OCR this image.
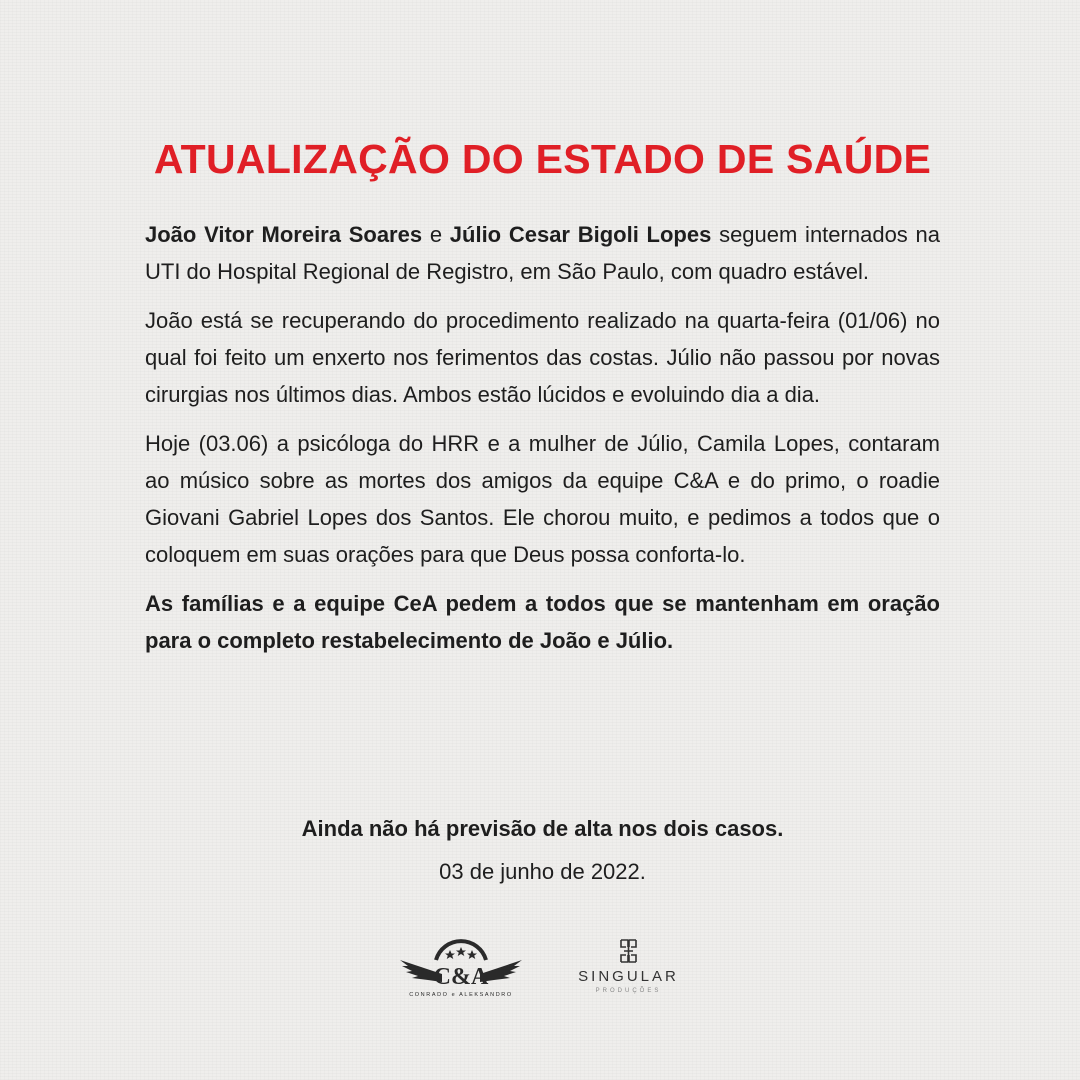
ATUALIZAÇÃO DO ESTADO DE SAÚDE

João Vitor Moreira Soares e Júlio Cesar Bigoli Lopes seguem internados na UTI do Hospital Regional de Registro, em São Paulo, com quadro estável.

João está se recuperando do procedimento realizado na quarta-feira (01/06) no qual foi feito um enxerto nos ferimentos das costas. Júlio não passou por novas cirurgias nos últimos dias. Ambos estão lúcidos e evoluindo dia a dia.

Hoje (03.06) a psicóloga do HRR e a mulher de Júlio, Camila Lopes, contaram ao músico sobre as mortes dos amigos da equipe C&A e do primo, o roadie Giovani Gabriel Lopes dos Santos. Ele chorou muito, e pedimos a todos que o coloquem em suas orações para que Deus possa conforta-lo.

As famílias e a equipe CeA pedem a todos que se mantenham em oração para o completo restabelecimento de João e Júlio.

Ainda não há previsão de alta nos dois casos.
03 de junho de 2022.
C&A
CONRADO e ALEKSANDRO
SINGULAR
PRODUÇÕES
